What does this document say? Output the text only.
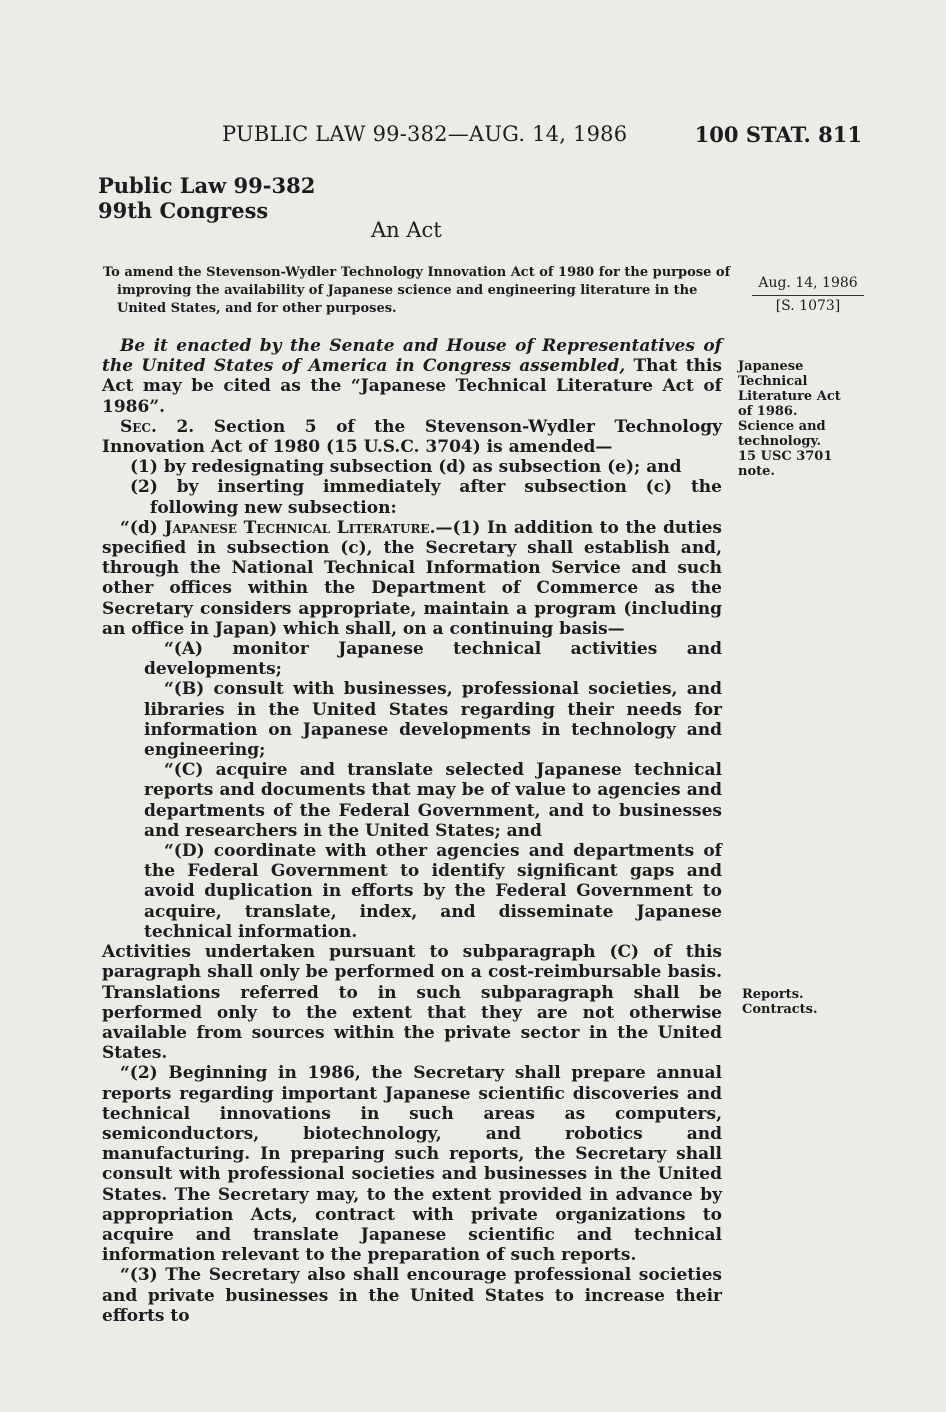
PUBLIC LAW 99-382—AUG. 14, 1986	100 STAT. 811
Public Law 99-382
99th Congress
An Act
To amend the Stevenson-Wydler Technology Innovation Act of 1980 for the purpose of improving the availability of Japanese science and engineering literature in the United States, and for other purposes.
Aug. 14, 1986
[S. 1073]
Japanese
Technical
Literature Act
of 1986.
Science and
technology.
15 USC 3701
note.
Reports.
Contracts.

Be it enacted by the Senate and House of Representatives of the United States of America in Congress assembled, That this Act may be cited as the “Japanese Technical Literature Act of 1986”.

Sec. 2. Section 5 of the Stevenson-Wydler Technology Innovation Act of 1980 (15 U.S.C. 3704) is amended—

(1) by redesignating subsection (d) as subsection (e); and

(2) by inserting immediately after subsection (c) the following new subsection:

“(d) Japanese Technical Literature.—(1) In addition to the duties specified in subsection (c), the Secretary shall establish and, through the National Technical Information Service and such other offices within the Department of Commerce as the Secretary considers appropriate, maintain a program (including an office in Japan) which shall, on a continuing basis—

“(A) monitor Japanese technical activities and developments;

“(B) consult with businesses, professional societies, and libraries in the United States regarding their needs for information on Japanese developments in technology and engineering;

“(C) acquire and translate selected Japanese technical reports and documents that may be of value to agencies and departments of the Federal Government, and to businesses and researchers in the United States; and

“(D) coordinate with other agencies and departments of the Federal Government to identify significant gaps and avoid duplication in efforts by the Federal Government to acquire, translate, index, and disseminate Japanese technical information.

Activities undertaken pursuant to subparagraph (C) of this paragraph shall only be performed on a cost-reimbursable basis. Translations referred to in such subparagraph shall be performed only to the extent that they are not otherwise available from sources within the private sector in the United States.

“(2) Beginning in 1986, the Secretary shall prepare annual reports regarding important Japanese scientific discoveries and technical innovations in such areas as computers, semiconductors, biotechnology, and robotics and manufacturing. In preparing such reports, the Secretary shall consult with professional societies and businesses in the United States. The Secretary may, to the extent provided in advance by appropriation Acts, contract with private organizations to acquire and translate Japanese scientific and technical information relevant to the preparation of such reports.

“(3) The Secretary also shall encourage professional societies and private businesses in the United States to increase their efforts to
